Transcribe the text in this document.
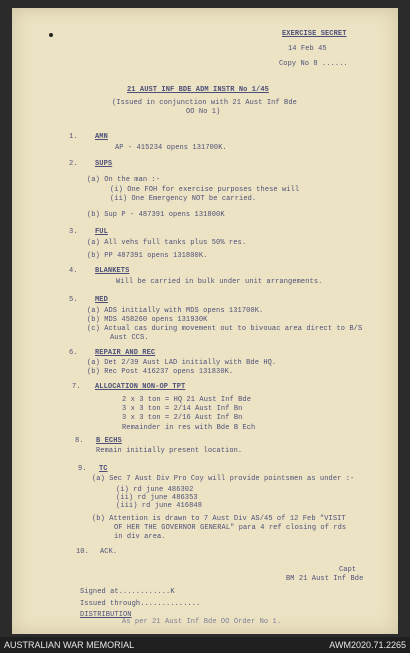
EXERCISE SECRET
14 Feb 45
Copy No 8 ......
21 AUST INF BDE ADM INSTR No 1/45
(Issued in conjunction with 21 Aust Inf Bde
OO No 1)
1. AMN
AP - 415234 opens 131700K.
2. SUPS
(a) On the man :-
(i) One FOH for exercise purposes these will
(ii) One Emergency NOT be carried.
(b) Sup P - 487391 opens 131800K
3. FUL
(a) All vehs full tanks plus 50% res.
(b) PP 487391 opens 131800K.
4. BLANKETS
Will be carried in bulk under unit arrangements.
5. MED
(a) ADS initially with MDS opens 131700K.
(b) MDS 458260 opens 131930K
(c) Actual cas during movement out to bivouac area direct to B/S
Aust CCS.
6. REPAIR AND REC
(a) Det 2/39 Aust LAD initially with Bde HQ.
(b) Rec Post 416237 opens 131830K.
7. ALLOCATION NON-OP TPT
2 x 3 ton = HQ 21 Aust Inf Bde
3 x 3 ton = 2/14 Aust Inf Bn
3 x 3 ton = 2/16 Aust Inf Bn
Remainder in res with Bde B Ech
8. B ECHS
Remain initially present location.
9. TC
(a) Sec 7 Aust Div Pro Coy will provide pointsmen as under :-
(i) rd june 486302
(ii) rd june 486353
(iii) rd june 416848
(b) Attention is drawn to 7 Aust Div AS/45 of 12 Feb "VISIT
OF HER THE GOVERNOR GENERAL" para 4 ref closing of rds
in div area.
10. ACK.
Capt
BM 21 Aust Inf Bde
Signed at............K
Issued through..............
DISTRIBUTION
As per 21 Aust Inf Bde OO Order No 1.
AUSTRALIAN WAR MEMORIAL	AWM2020.71.2265
